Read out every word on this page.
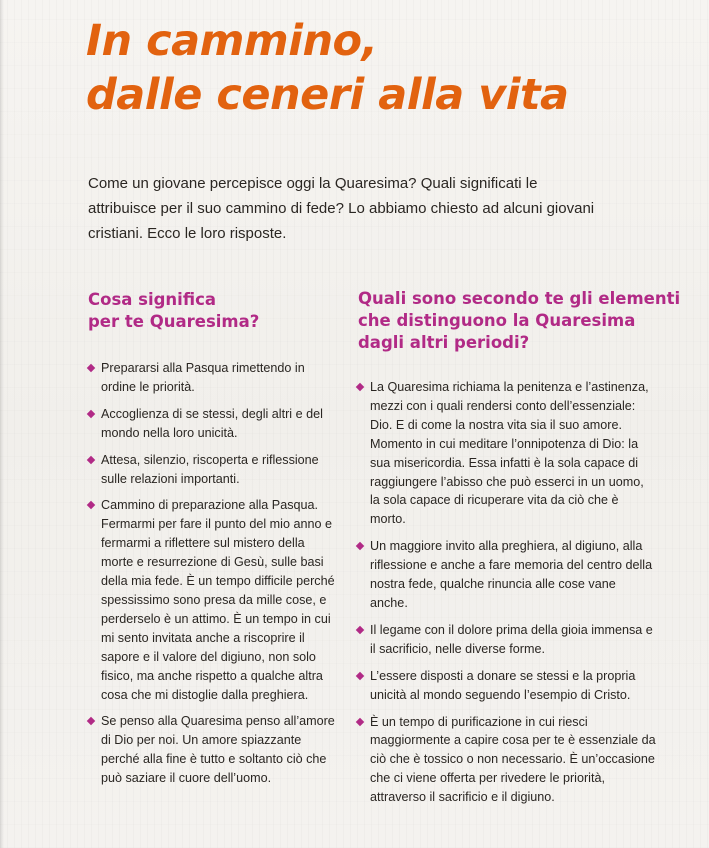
In cammino,
dalle ceneri alla vita

Come un giovane percepisce oggi la Quaresima? Quali significati le attribuisce per il suo cammino di fede? Lo abbiamo chiesto ad alcuni giovani cristiani. Ecco le loro risposte.

Cosa significa
per te Quaresima?
Prepararsi alla Pasqua rimettendo in ordine le priorità.
Accoglienza di se stessi, degli altri e del mondo nella loro unicità.
Attesa, silenzio, riscoperta e riflessione sulle relazioni importanti.
Cammino di preparazione alla Pasqua. Fermarmi per fare il punto del mio anno e fermarmi a riflettere sul mistero della morte e resurrezione di Gesù, sulle basi della mia fede. È un tempo difficile perché spessissimo sono presa da mille cose, e perderselo è un attimo. È un tempo in cui mi sento invitata anche a riscoprire il sapore e il valore del digiuno, non solo fisico, ma anche rispetto a qualche altra cosa che mi distoglie dalla preghiera.
Se penso alla Quaresima penso all’amore di Dio per noi. Un amore spiazzante perché alla fine è tutto e soltanto ciò che può saziare il cuore dell’uomo.
Quali sono secondo te gli elementi
che distinguono la Quaresima
dagli altri periodi?
La Quaresima richiama la penitenza e l’astinenza, mezzi con i quali rendersi conto dell’essenziale: Dio. E di come la nostra vita sia il suo amore. Momento in cui meditare l’onnipotenza di Dio: la sua misericordia. Essa infatti è la sola capace di raggiungere l’abisso che può esserci in un uomo, la sola capace di ricuperare vita da ciò che è morto.
Un maggiore invito alla preghiera, al digiuno, alla riflessione e anche a fare memoria del centro della nostra fede, qualche rinuncia alle cose vane anche.
Il legame con il dolore prima della gioia immensa e il sacrificio, nelle diverse forme.
L’essere disposti a donare se stessi e la propria unicità al mondo seguendo l’esempio di Cristo.
È un tempo di purificazione in cui riesci maggiormente a capire cosa per te è essenziale da ciò che è tossico o non necessario. È un’occasione che ci viene offerta per rivedere le priorità, attraverso il sacrificio e il digiuno.
